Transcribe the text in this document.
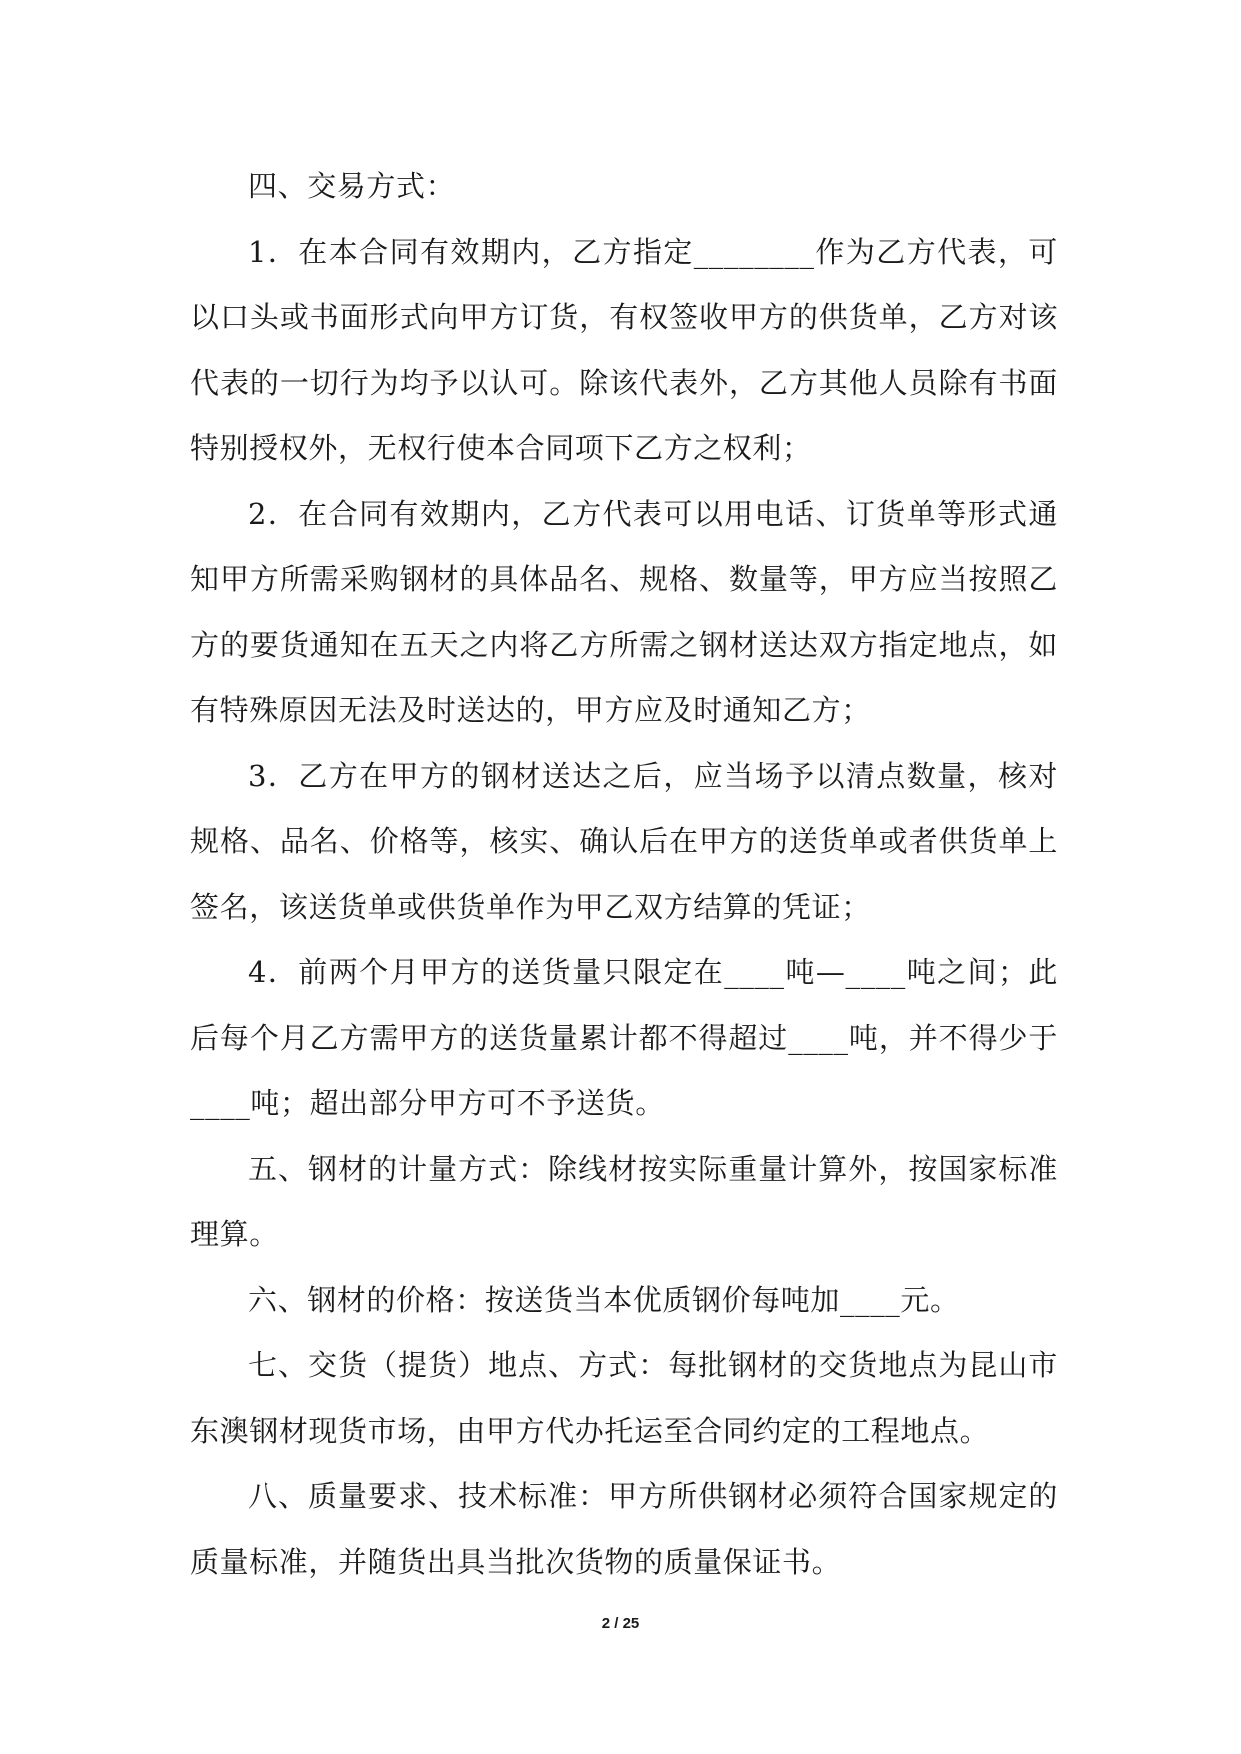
四、交易方式：

1．在本合同有效期内，乙方指定________作为乙方代表，可以口头或书面形式向甲方订货，有权签收甲方的供货单，乙方对该代表的一切行为均予以认可。除该代表外，乙方其他人员除有书面特别授权外，无权行使本合同项下乙方之权利；

2．在合同有效期内，乙方代表可以用电话、订货单等形式通知甲方所需采购钢材的具体品名、规格、数量等，甲方应当按照乙方的要货通知在五天之内将乙方所需之钢材送达双方指定地点，如有特殊原因无法及时送达的，甲方应及时通知乙方；

3．乙方在甲方的钢材送达之后，应当场予以清点数量，核对规格、品名、价格等，核实、确认后在甲方的送货单或者供货单上签名，该送货单或供货单作为甲乙双方结算的凭证；

4．前两个月甲方的送货量只限定在____吨—____吨之间；此后每个月乙方需甲方的送货量累计都不得超过____吨，并不得少于____吨；超出部分甲方可不予送货。

五、钢材的计量方式：除线材按实际重量计算外，按国家标准理算。

六、钢材的价格：按送货当本优质钢价每吨加____元。

七、交货（提货）地点、方式：每批钢材的交货地点为昆山市东澳钢材现货市场，由甲方代办托运至合同约定的工程地点。

八、质量要求、技术标准：甲方所供钢材必须符合国家规定的质量标准，并随货出具当批次货物的质量保证书。

2 / 25
